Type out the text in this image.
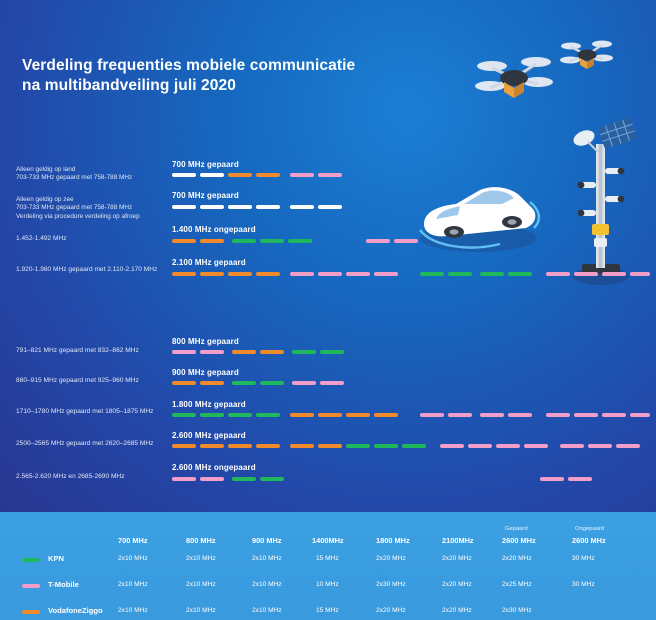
Verdeling frequenties mobiele communicatie
na multibandveiling juli 2020
Alleen geldig op land
703-733 MHz gepaard met 758-788 MHz
Alleen geldig op zee
703-733 MHz gepaard met 758-788 MHz
Verdeling via procedure verdeling op afroep
1.452-1.492 MHz
1.920-1.980 MHz gepaard met 2.110-2.170 MHz
791–821 MHz gepaard met 832–862 MHz
880–915 MHz gepaard met 925–960 MHz
1710–1780 MHz gepaard met 1805–1875 MHz
2500–2565 MHz gepaard met 2620–2685 MHz
2.565-2.620 MHz en 2685-2690 MHz
700 MHz gepaard
700 MHz gepaard
1.400 MHz ongepaard
2.100 MHz gepaard
800 MHz gepaard
900 MHz gepaard
1.800 MHz gepaard
2.600 MHz gepaard
2.600 MHz ongepaard
700 MHz	800 MHz	900 MHz	1400MHz	1800 MHz	2100MHz
Gepaard
2600 MHz
Ongepaard
2600 MHz
KPN	2x10 MHz	2x10 MHz	2x10 MHz	15 MHz	2x20 MHz	2x20 MHz	2x20 MHz	30 MHz
T-Mobile	2x10 MHz	2x10 MHz	2x10 MHz	10 MHz	2x30 MHz	2x20 MHz	2x25 MHz	30 MHz
VodafoneZiggo 2x10 MHz	2x10 MHz	2x10 MHz	15 MHz	2x20 MHz	2x20 MHz	2x30 MHz
